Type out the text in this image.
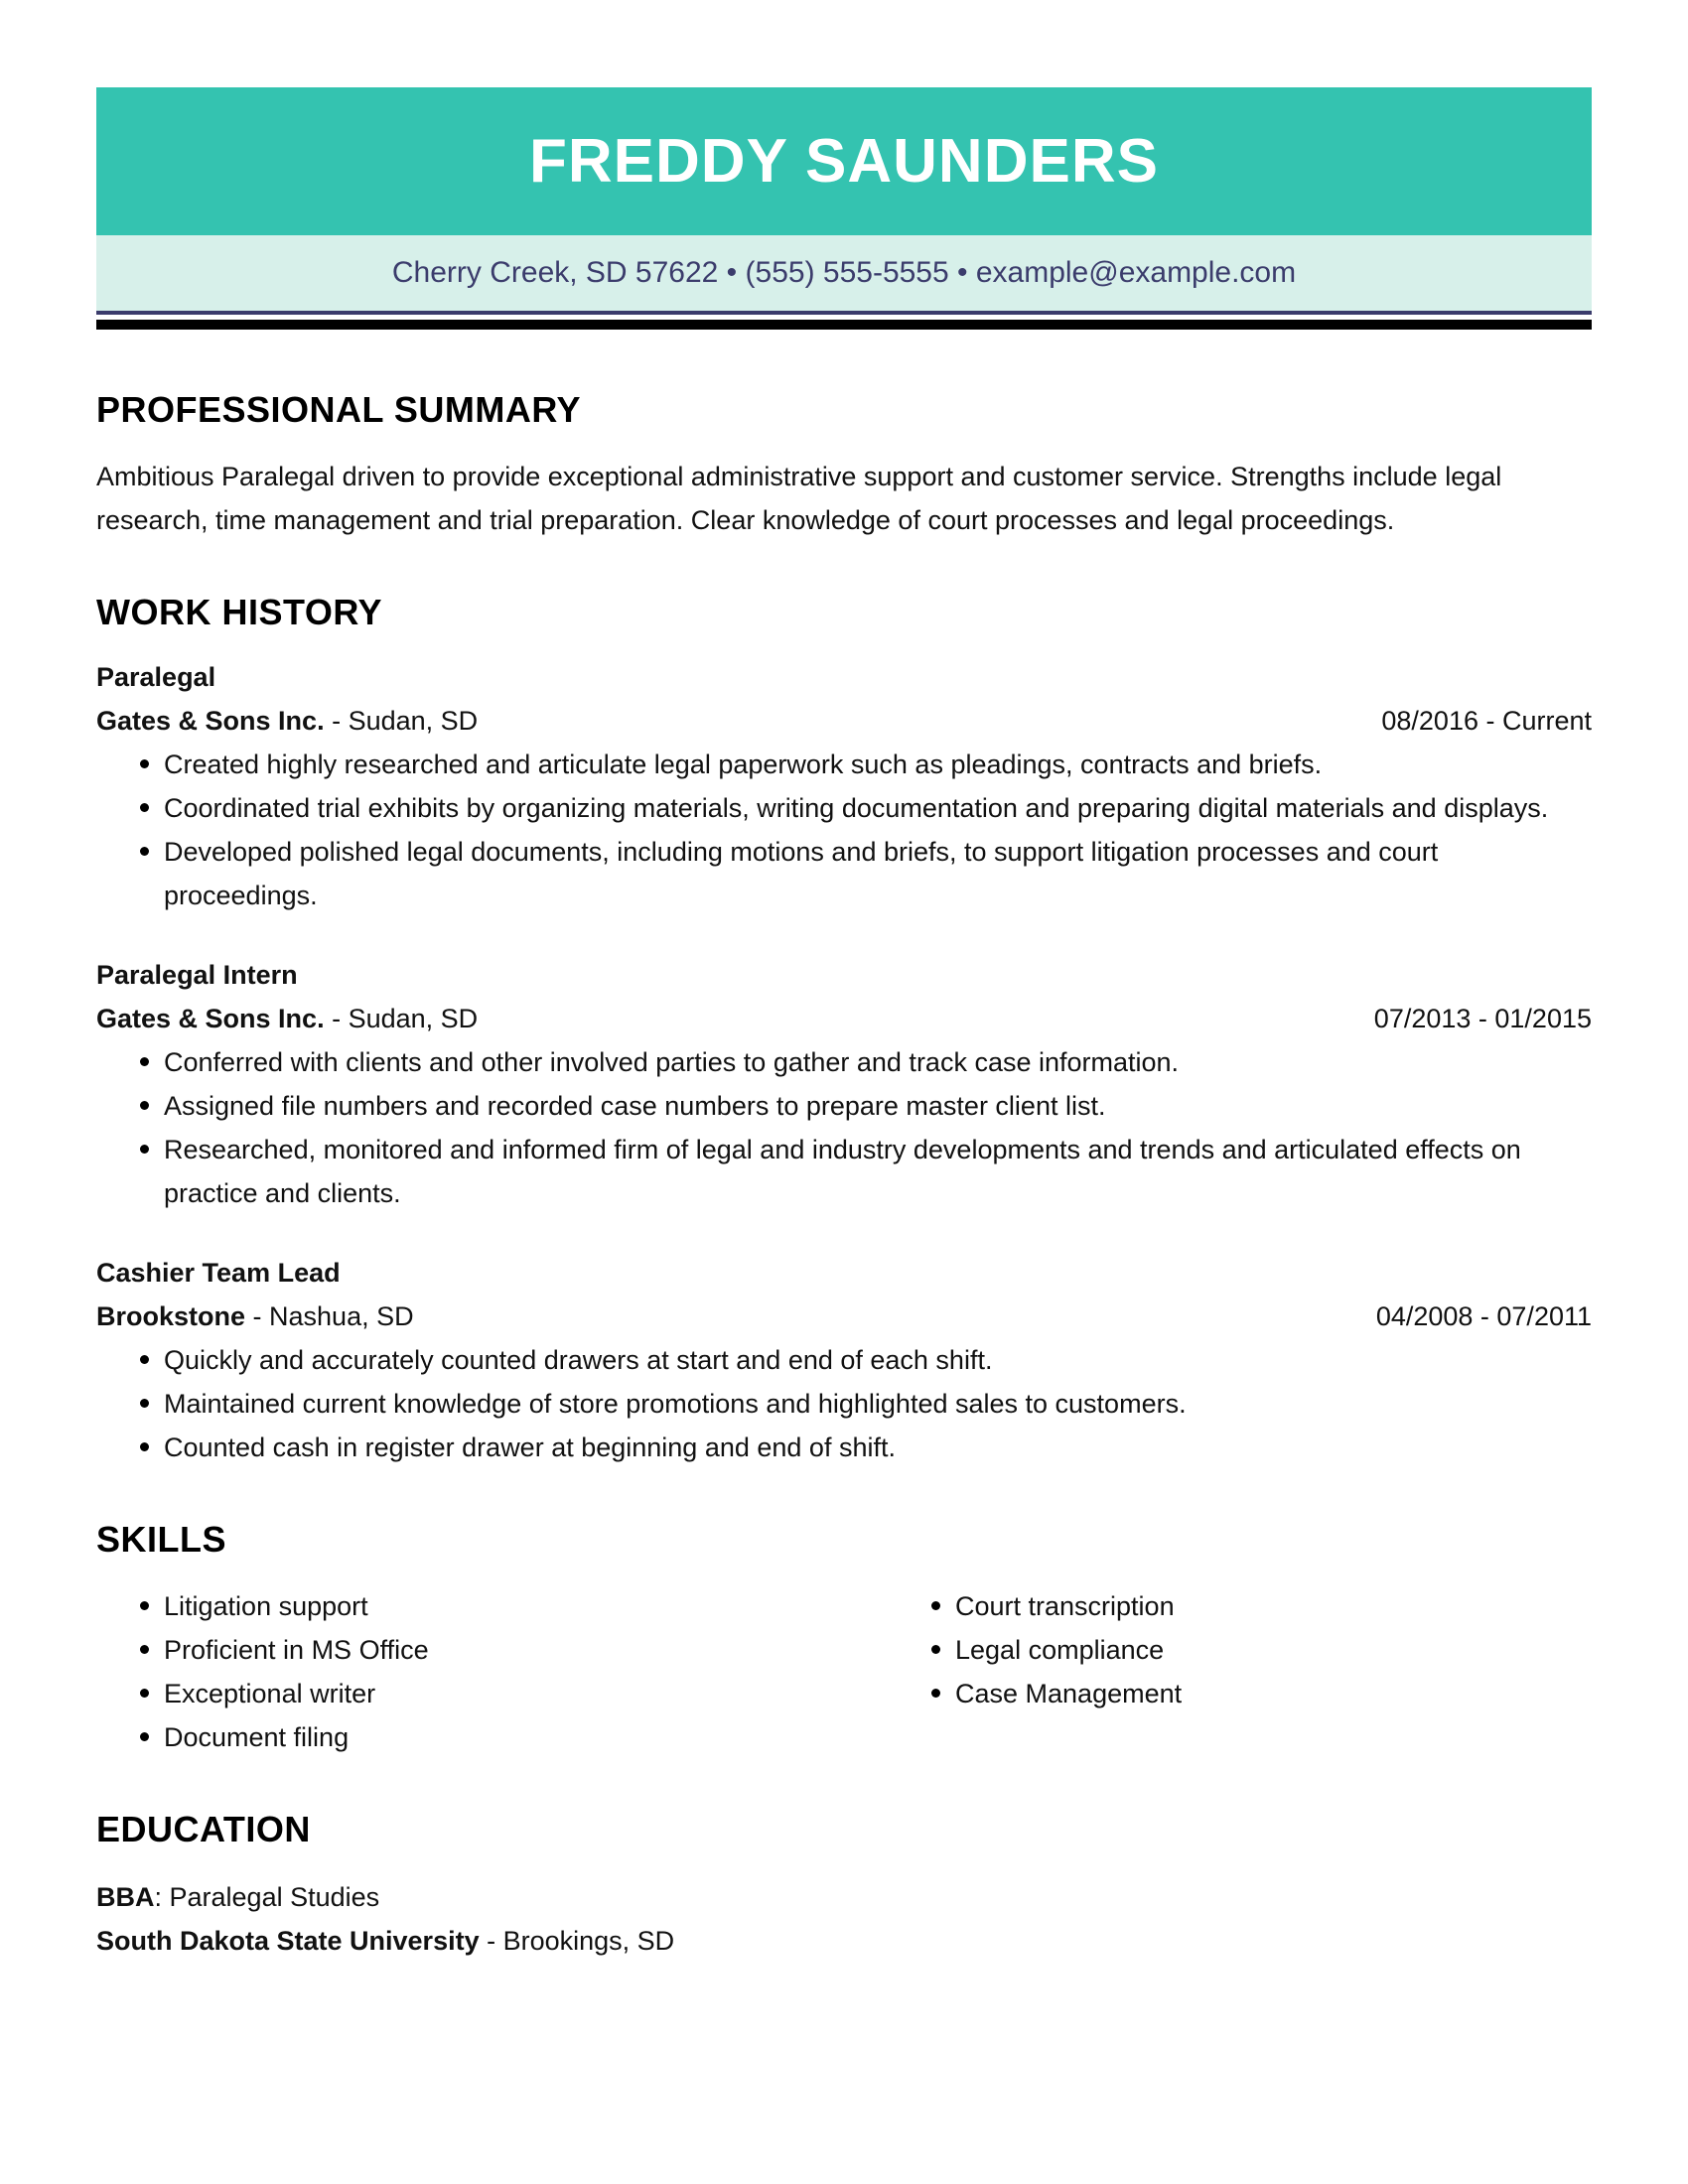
FREDDY SAUNDERS
Cherry Creek, SD 57622 • (555) 555-5555 • example@example.com
PROFESSIONAL SUMMARY

Ambitious Paralegal driven to provide exceptional administrative support and customer service. Strengths include legal research, time management and trial preparation. Clear knowledge of court processes and legal proceedings.

WORK HISTORY
Paralegal
Gates & Sons Inc. - Sudan, SD	08/2016 - Current
Created highly researched and articulate legal paperwork such as pleadings, contracts and briefs.
Coordinated trial exhibits by organizing materials, writing documentation and preparing digital materials and displays.
Developed polished legal documents, including motions and briefs, to support litigation processes and court proceedings.
Paralegal Intern
Gates & Sons Inc. - Sudan, SD	07/2013 - 01/2015
Conferred with clients and other involved parties to gather and track case information.
Assigned file numbers and recorded case numbers to prepare master client list.
Researched, monitored and informed firm of legal and industry developments and trends and articulated effects on practice and clients.
Cashier Team Lead
Brookstone - Nashua, SD	04/2008 - 07/2011
Quickly and accurately counted drawers at start and end of each shift.
Maintained current knowledge of store promotions and highlighted sales to customers.
Counted cash in register drawer at beginning and end of shift.
SKILLS
Litigation support
Proficient in MS Office
Exceptional writer
Document filing
Court transcription
Legal compliance
Case Management
EDUCATION
BBA: Paralegal Studies
South Dakota State University - Brookings, SD
